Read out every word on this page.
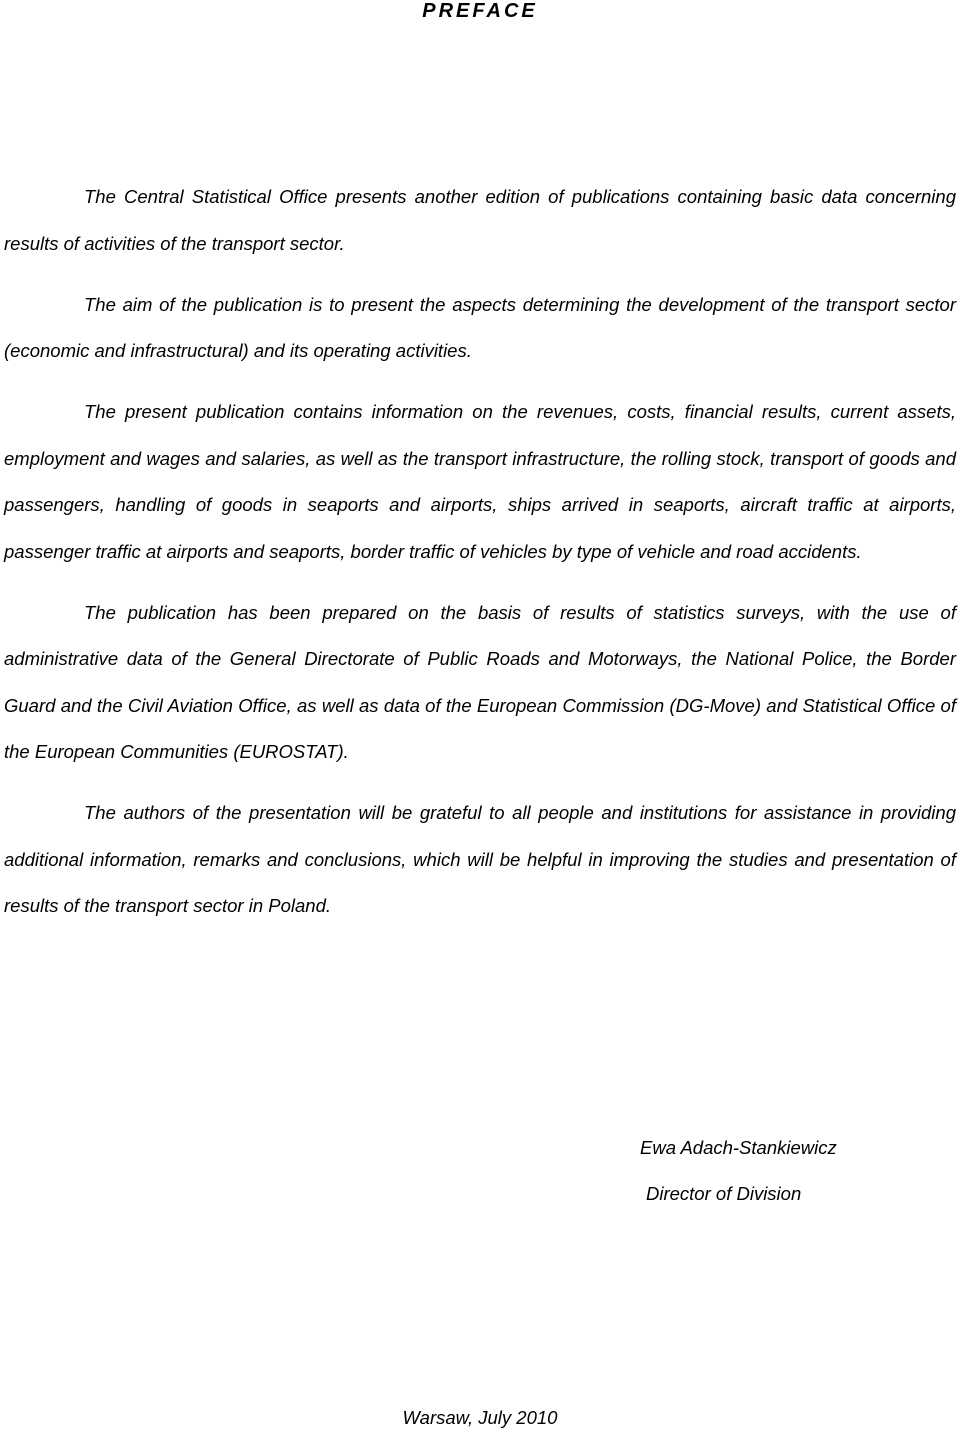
PREFACE

The Central Statistical Office presents another edition of publications containing basic data concerning results of activities of the transport sector.

The aim of the publication is to present the aspects determining the development of the transport sector (economic and infrastructural) and its operating activities.

The present publication contains information on the revenues, costs, financial results, current assets, employment and wages and salaries, as well as the transport infrastructure, the rolling stock, transport of goods and passengers, handling of goods in seaports and airports, ships arrived in seaports, aircraft traffic at airports, passenger traffic at airports and seaports, border traffic of vehicles by type of vehicle and road accidents.

The publication has been prepared on the basis of results of statistics surveys, with the use of administrative data of the General Directorate of Public Roads and Motorways, the National Police, the Border Guard and the Civil Aviation Office, as well as data of the European Commission (DG-Move) and Statistical Office of the European Communities (EUROSTAT).

The authors of the presentation will be grateful to all people and institutions for assistance in providing additional information, remarks and conclusions, which will be helpful in improving the studies and presentation of results of the transport sector in Poland.

Ewa Adach-Stankiewicz
Director of Division
Warsaw, July 2010
